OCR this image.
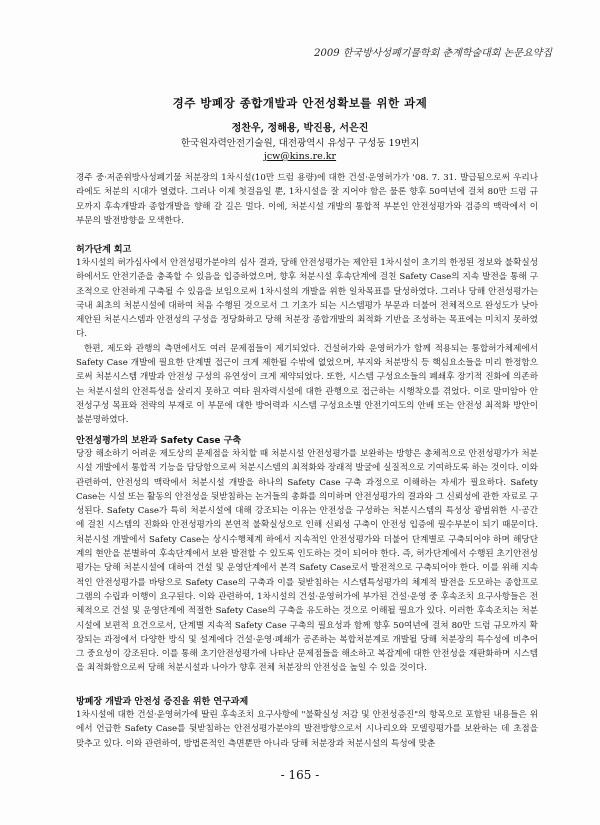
2009 한국방사성폐기물학회 춘계학술대회 논문요약집
경주 방폐장 종합개발과 안전성확보를 위한 과제
정찬우, 정해용, 박진용, 서은진
한국원자력안전기술원, 대전광역시 유성구 구성동 19번지
jcw@kins.re.kr

경주 중·저준위방사성폐기물 처분장의 1차시설(10만 드럼 용량)에 대한 건설·운영허가가 '08. 7. 31. 발급됨으로써 우리나라에도 처분의 시대가 열렸다. 그러나 이제 첫걸음일 뿐, 1차시설을 잘 지어야 함은 물론 향후 50여년에 걸쳐 80만 드럼 규모까지 후속개발과 종합개발을 향해 갈 길은 멀다. 이에, 처분시설 개발의 통합적 부분인 안전성평가와 검증의 맥락에서 이 부문의 발전방향을 모색한다.

허가단계 회고

1차시설의 허가심사에서 안전성평가분야의 심사 결과, 당해 안전성평가는 제안된 1차시설이 초기의 한정된 정보와 불확실성 하에서도 안전기준을 충족할 수 있음을 입증하였으며, 향후 처분시설 후속단계에 걸친 Safety Case의 지속 발전을 통해 구조적으로 안전하게 구축될 수 있음을 보임으로써 1차시설의 개발을 위한 일차목표를 달성하였다. 그러나 당해 안전성평가는 국내 최초의 처분시설에 대하여 처음 수행된 것으로서 그 기초가 되는 시스템평가 부문과 더불어 전체적으로 완성도가 낮아 제안된 처분시스템과 안전성의 구성을 정당화하고 당해 처분장 종합개발의 최적화 기반을 조성하는 목표에는 미치지 못하였다.

한편, 제도와 관행의 측면에서도 여러 문제점들이 제기되었다. 건설허가와 운영허가가 함께 적용되는 통합허가체제에서 Safety Case 개발에 필요한 단계별 접근이 크게 제한될 수밖에 없었으며, 부지와 처분방식 등 핵심요소들을 미리 한정함으로써 처분시스템 개발과 안전성 구성의 유연성이 크게 제약되었다. 또한, 시스템 구성요소들의 폐쇄후 장기적 진화에 의존하는 처분시설의 안전특성을 살리지 못하고 여타 원자력시설에 대한 관행으로 접근하는 시행착오를 겪었다. 이로 말미암아 안전성구성 목표와 전략의 부재로 이 부문에 대한 방어력과 시스템 구성요소별 안전기여도의 안배 또는 안전성 최적화 방안이 불분명하였다.

안전성평가의 보완과 Safety Case 구축

당장 해소하기 어려운 제도상의 문제점을 차치할 때 처분시설 안전성평가를 보완하는 방향은 총체적으로 안전성평가가 처분시설 개발에서 통합적 기능을 담당함으로써 처분시스템의 최적화와 장래적 발굴에 실질적으로 기여하도록 하는 것이다. 이와 관련하여, 안전성의 맥락에서 처분시설 개발을 하나의 Safety Case 구축 과정으로 이해하는 자세가 필요하다. Safety Case는 시설 또는 활동의 안전성을 뒷받침하는 논거들의 총화를 의미하며 안전성평가의 결과와 그 신뢰성에 관한 자료로 구성된다. Safety Case가 특히 처분시설에 대해 강조되는 이유는 안전성을 구성하는 처분시스템의 특성상 광범위한 시·공간에 걸친 시스템의 진화와 안전성평가의 본연적 불확실성으로 인해 신뢰성 구축이 안전성 입증에 필수부분이 되기 때문이다. 처분시설 개발에서 Safety Case는 상시수행체계 하에서 지속적인 안전성평가와 더불어 단계별로 구축되어야 하며 해당단계의 현안을 분별하여 후속단계에서 보완 발전할 수 있도록 인도하는 것이 되어야 한다. 즉, 허가단계에서 수행된 초기안전성평가는 당해 처분시설에 대하여 건설 및 운영단계에서 본격 Safety Case로서 발전적으로 구축되어야 한다. 이를 위해 지속적인 안전성평가를 바탕으로 Safety Case의 구축과 이를 뒷받침하는 시스템특성평가의 체계적 발전을 도모하는 종합프로그램의 수립과 이행이 요구된다. 이와 관련하여, 1차시설의 건설·운영허가에 부가된 건설·운영 중 후속조치 요구사항들은 전체적으로 건설 및 운영단계에 적절한 Safety Case의 구축을 유도하는 것으로 이해될 필요가 있다. 이러한 후속조치는 처분시설에 보편적 요건으로서, 단계별 지속적 Safety Case 구축의 필요성과 함께 향후 50여년에 걸쳐 80만 드럼 규모까지 확장되는 과정에서 다양한 방식 및 설계에다 건설·운영·폐쇄가 공존하는 복합처분계로 개발될 당해 처분장의 특수성에 비추어 그 중요성이 강조된다. 이를 통해 초기안전성평가에 나타난 문제점들을 해소하고 복잡계에 대한 안전성을 재판화하며 시스템을 최적화함으로써 당해 처분시설과 나아가 향후 전체 처분장의 안전성을 높일 수 있을 것이다.

방폐장 개발과 안전성 증진을 위한 연구과제

1차시설에 대한 건설·운영허가에 딸린 후속조치 요구사항에 "불확실성 저감 및 안전성증진"의 항목으로 포함된 내용들은 위에서 언급한 Safety Case를 뒷받침하는 안전성평가분야의 발전방향으로서 시나리오와 모델링평가를 보완하는 데 초점을 맞추고 있다. 이와 관련하여, 방법론적인 측면뿐만 아니라 당해 처분장과 처분시설의 특성에 맞춘

- 165 -
